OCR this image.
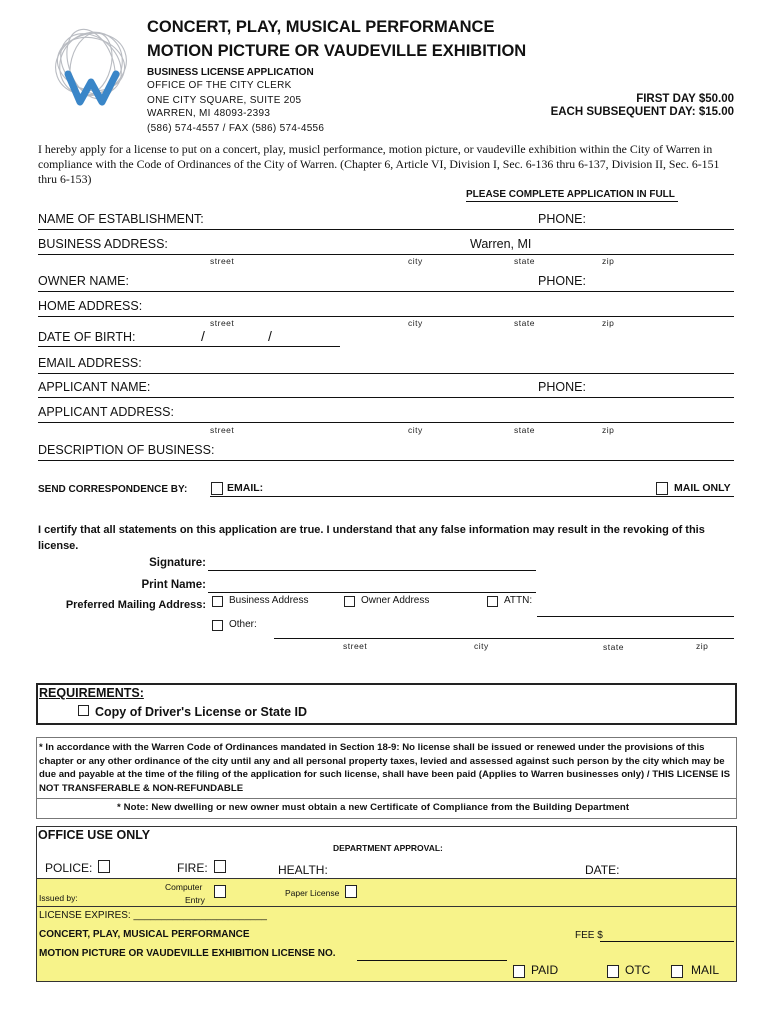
CONCERT, PLAY, MUSICAL PERFORMANCE
MOTION PICTURE OR VAUDEVILLE EXHIBITION
BUSINESS LICENSE APPLICATION
OFFICE OF THE CITY CLERK
ONE CITY SQUARE, SUITE 205
WARREN, MI 48093-2393
(586) 574-4557 / FAX (586) 574-4556
FIRST DAY $50.00
EACH SUBSEQUENT DAY: $15.00
I hereby apply for a license to put on a concert, play, musicl performance, motion picture, or vaudeville exhibition within the City of Warren in compliance with the Code of Ordinances of the City of Warren. (Chapter 6, Article VI, Division I, Sec. 6-136 thru 6-137, Division II, Sec. 6-151 thru 6-153)
PLEASE COMPLETE APPLICATION IN FULL
NAME OF ESTABLISHMENT:	PHONE:
BUSINESS ADDRESS:	Warren, MI
street	city	state	zip
OWNER NAME:	PHONE:
HOME ADDRESS:
street	city	state	zip
DATE OF BIRTH:	/	/
EMAIL ADDRESS:
APPLICANT NAME:	PHONE:
APPLICANT ADDRESS:
street	city	state	zip
DESCRIPTION OF BUSINESS:
SEND CORRESPONDENCE BY:	EMAIL:	MAIL ONLY
I certify that all statements on this application are true. I understand that any false information may result in the revoking of this license.
Signature:
Print Name:
Preferred Mailing Address: Business Address	Owner Address	ATTN:
Other:
street	city	state	zip
REQUIREMENTS:
Copy of Driver's License or State ID
* In accordance with the Warren Code of Ordinances mandated in Section 18-9: No license shall be issued or renewed under the provisions of this chapter or any other ordinance of the city until any and all personal property taxes, levied and assessed against such person by the city which may be due and payable at the time of the filing of the application for such license, shall have been paid (Applies to Warren businesses only) / THIS LICENSE IS NOT TRANSFERABLE & NON-REFUNDABLE
* Note: New dwelling or new owner must obtain a new Certificate of Compliance from the Building Department
OFFICE USE ONLY
DEPARTMENT APPROVAL:
POLICE:	FIRE:	HEALTH:	DATE:
Issued by:
Computer
Entry
Paper License
LICENSE EXPIRES: ________________________
CONCERT, PLAY, MUSICAL PERFORMANCE	FEE $
MOTION PICTURE OR VAUDEVILLE EXHIBITION LICENSE NO.
PAID	OTC	MAIL
